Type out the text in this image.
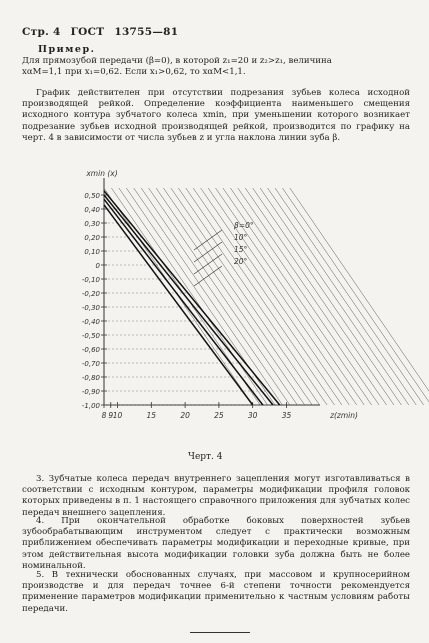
Стр. 4 ГОСТ 13755—81
Пример.
Для прямозубой передачи (β=0), в которой z₁=20 и z₂>z₁, величина
xαM=1,1 при x₁=0,62. Если x₁>0,62, то xαM<1,1.
График действителен при отсутствии подрезания зубьев колеса исходной производящей рейкой. Определение коэффициента наименьшего смещения исходного контура зубчатого колеса xmin, при уменьшении которого возникает подрезание зубьев исходной производящей рейкой, производится по графику на черт. 4 в зависимости от числа зубьев z и угла наклона линии зуба β.
0,50
0,40
0,30
0,20
0,10
0
-0,10
-0,20
-0,30
-0,40
-0,50
-0,60
-0,70
-0,80
-0,90
-1,00
8 9 10	15	20	25	30	35
xmin (x)
z(zmin)
β=0°
10°
15°
20°
Черт. 4
3. Зубчатые колеса передач внутреннего зацепления могут изготавливаться в соответствии с исходным контуром, параметры модификации профиля головок которых приведены в п. 1 настоящего справочного приложения для зубчатых колес передач внешнего зацепления.
4. При окончательной обработке боковых поверхностей зубьев зубообрабатывающим инструментом следует с практически возможным приближением обеспечивать параметры модификации и переходные кривые, при этом действительная высота модификации головки зуба должна быть не более номинальной.
5. В технически обоснованных случаях, при массовом и крупносерийном производстве и для передач точнее 6-й степени точности рекомендуется применение параметров модификации применительно к частным условиям работы передачи.
